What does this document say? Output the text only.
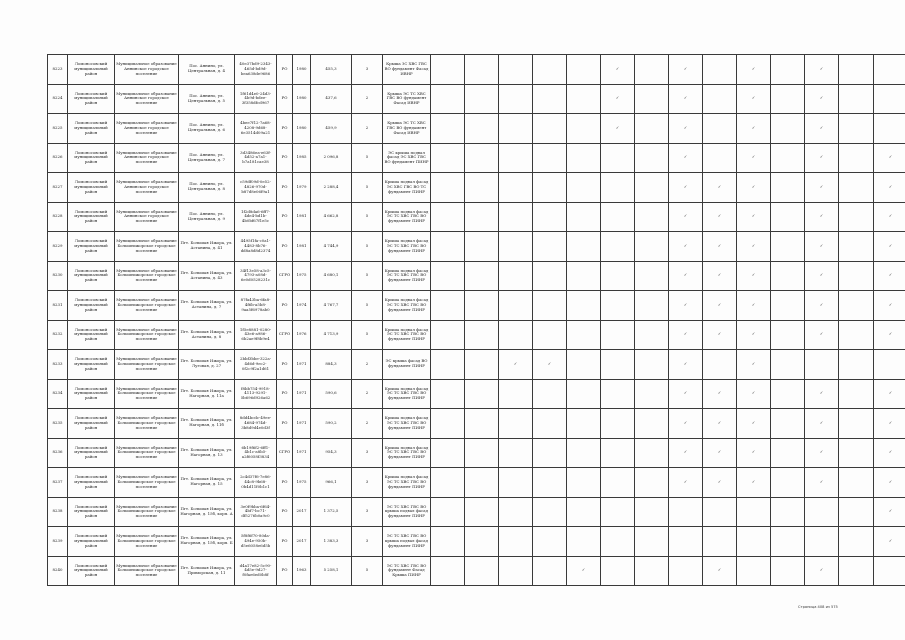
8223	Ломоносовский муниципальный район	Муниципальное образование Аннинское городское поселение	Пос. Аннино, ул. Центральная, д. 4	40e37bd9-2343-465d-bd9d-bea638de9686	РО	1980	455,3	3	Крыша ЗС ХВС ГВС ВО фундамент Фасад ИВНР						✓		✓		✓		✓		
8224	Ломоносовский муниципальный район	Муниципальное образование Аннинское городское поселение	Пос. Аннино, ул. Центральная, д. 5	1f61d4e0-24d3-4b9d-bdee-3f358dfcd967	РО	1980	437,6	2	Крыша ЭС ТС ХВС ГВС ВО фундамент Фасад ИВНР						✓		✓		✓		✓		
8225	Ломоносовский муниципальный район	Муниципальное образование Аннинское городское поселение	Пос. Аннино, ул. Центральная, д. 6	4bee7f12-7a68-4208-9d68-6e3514d09a21	РО	1980	459,9	2	Крыша ЭС ТС ХВС ГВС ВО фундамент Фасад ИВНР						✓		✓		✓		✓		
8226	Ломоносовский муниципальный район	Муниципальное образование Аннинское городское поселение	Пос. Аннино, ул. Центральная, д. 7	3d3486ea-e63f-4d52-a7a1-b7a181cae38	РО	1985	2 096,8	5	ЭС крыша подвал фасад ЭС ХВС ГВС ВО фундамент ПИНР								✓		✓		✓		✓
8227	Ломоносовский муниципальный район	Муниципальное образование Аннинское городское поселение	Пос. Аннино, ул. Центральная, д. 8	c59df09d-0e52-4826-970d-b87d8e06f9a1	РО	1979	2 288,4	5	Крыша подвал фасад ЭС ХВС ГВС ВО ТС фундамент ПИНР								✓	✓	✓		✓		✓
8228	Ломоносовский муниципальный район	Муниципальное образование Аннинское городское поселение	Пос. Аннино, ул. Центральная, д. 9	1f2d8da6-6ff7-4de4-bd1b-4b0bf67f1e5c	РО	1981	4 662,8	5	Крыша подвал фасад ЭС ТС ХВС ГВС ВО фундамент ПИНР								✓	✓	✓		✓		✓
8229	Ломоносовский муниципальный район	Муниципальное образование Большеижорское городское поселение	Пгт. Большая Ижора, ул. Астанина, д. 41	4495f1fa-c0a1-4483-8b76-dd8a8d8d2374	РО	1981	4 744,9	5	Крыша подвал фасад ЭС ТС ХВС ГВС ВО фундамент ПИНР								✓	✓	✓		✓		✓
8230	Ломоносовский муниципальный район	Муниципальное образование Большеижорское городское поселение	Пгт. Большая Ижора, ул. Астанина, д. 43	34f13e58-a3c5-4793-a08d-6e0d0528231c	СГРО	1975	4 680,1	5	Крыша подвал фасад ЭС ТС ХВС ГВС ВО фундамент ПИНР								✓	✓	✓		✓		✓
8231	Ломоносовский муниципальный район	Муниципальное образование Большеижорское городское поселение	Пгт. Большая Ижора, ул. Астанина, д. 7	87fa43ba-6fa8-4f6b-a5b8-9aa5f6978ab0	РО	1974	4 767,7	5	Крыша подвал фасад ЭС ТС ХВС ГВС ВО фундамент ПИНР								✓	✓	✓		✓		✓
8232	Ломоносовский муниципальный район	Муниципальное образование Большеижорское городское поселение	Пгт. Большая Ижора, ул. Астанина, д. 8	1f5e8881-0280-43e6-a986-6b2ae9f8b9e4	СГРО	1976	4 713,9	5	Крыша подвал фасад ЭС ТС ХВС ГВС ВО фундамент ПИНР								✓	✓	✓		✓		✓
8233	Ломоносовский муниципальный район	Муниципальное образование Большеижорское городское поселение	Пгт. Большая Ижора, ул. Луговая, д. 27	2bbf3bbe-322a-4d6d-9ec2-0f2c9f2a1d61	РО	1971	884,3	2	ЭС крыша фасад ВО фундамент ПИНР			✓	✓				✓		✓				
8234	Ломоносовский муниципальный район	Муниципальное образование Большеижорское городское поселение	Пгт. Большая Ижора, ул. Нагорная, д. 11а	f8bb754-9918-4113-9291-5b696d926a62	РО	1971	590,6	2	Крыша подвал фасад ЭС ТС ХВС ГВС ВО фундамент ПИНР								✓	✓	✓		✓		✓
8235	Ломоносовский муниципальный район	Муниципальное образование Большеижорское городское поселение	Пгт. Большая Ижора, ул. Нагорная, д. 11б	8dd4bcdc-49ee-4684-974d-3b8d9d4e0d3f	РО	1971	590,2	2	Крыша подвал фасад ЭС ТС ХВС ГВС ВО фундамент ПИНР								✓	✓	✓		✓		✓
8236	Ломоносовский муниципальный район	Муниципальное образование Большеижорское городское поселение	Пгт. Большая Ижора, ул. Нагорная, д. 13	6b19f6f2-6ff1-4b1c-a8b5-a2f6058f3834	СГРО	1971	954,3	3	Крыша подвал фасад ЭС ТС ХВС ГВС ВО фундамент ПИНР								✓	✓	✓		✓		✓
8237	Ломоносовский муниципальный район	Муниципальное образование Большеижорское городское поселение	Пгт. Большая Ижора, ул. Нагорная, д. 15	2c4d37f6-7e86-44c8-9b68-0b4d11f0b1c1	РО	1975	966,1	3	Крыша подвал фасад ЭС ТС ХВС ГВС ВО фундамент ПИНР								✓	✓	✓		✓		✓
8238	Ломоносовский муниципальный район	Муниципальное образование Большеижорское городское поселение	Пгт. Большая Ижора, ул. Нагорная, д. 15б, корп. А	3e0f9bba-6f64-4bf7-bc71-df5276b0a9c0	РО	2017	1 372,5	3	ЭС ТС ХВС ГВС ВО крыша подвал фасад фундамент ПИНР														✓
8239	Ломоносовский муниципальный район	Муниципальное образование Большеижорское городское поселение	Пгт. Большая Ижора, ул. Нагорная, д. 15б, корп. Б	5f8f6f70-80da-494e-950b-d5e6058e6d5b	РО	2017	1 383,3	3	ЭС ТС ХВС ГВС ВО крыша подвал фасад фундамент ПИНР														✓
8240	Ломоносовский муниципальный район	Муниципальное образование Большеижорское городское поселение	Пгт. Большая Ижора, ул. Приморская, д. 11	d4a17e82-5c90-4d5e-9d27-f0fae6ed0b8f	РО	1963	5 258,1	5	ЭС ТС ХВС ГВС ВО фундамент Фасад Крыша ПИНР					✓				✓			✓		
Страница 408 из 575
